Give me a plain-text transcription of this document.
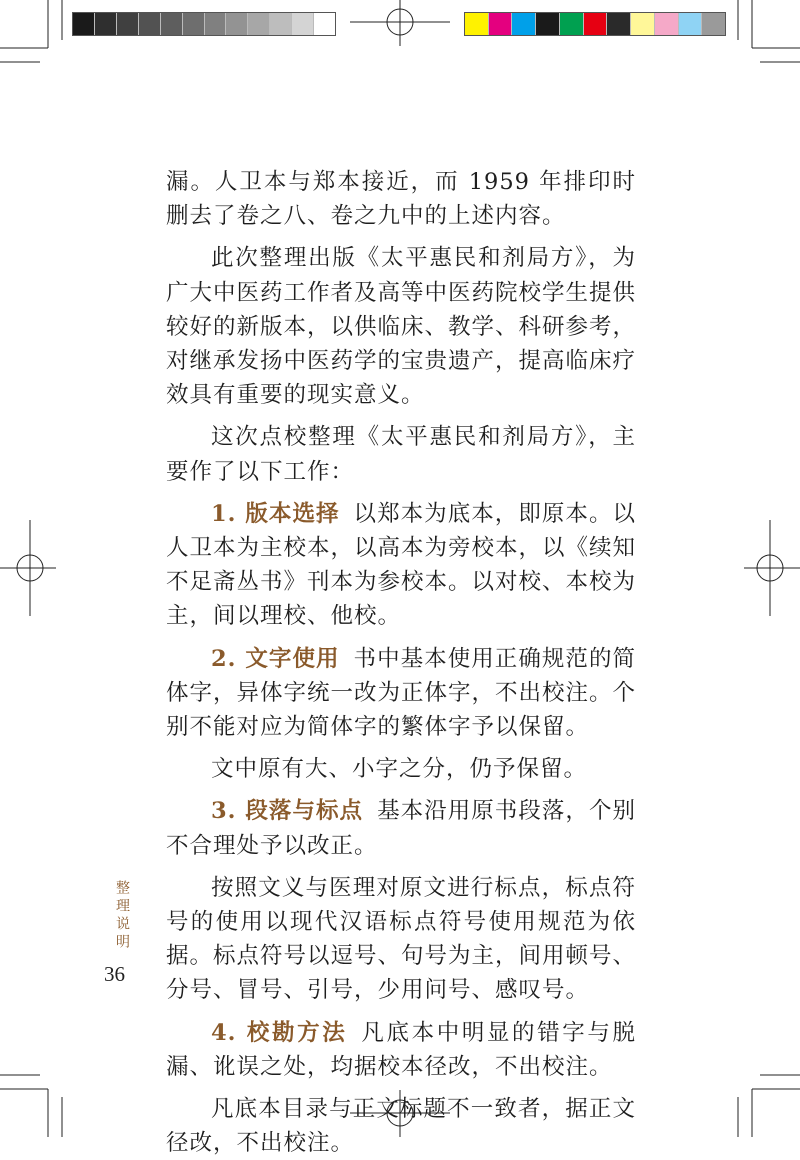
漏。人卫本与郑本接近，而 1959 年排印时删去了卷之八、卷之九中的上述内容。

此次整理出版《太平惠民和剂局方》，为广大中医药工作者及高等中医药院校学生提供较好的新版本，以供临床、教学、科研参考，对继承发扬中医药学的宝贵遗产，提高临床疗效具有重要的现实意义。

这次点校整理《太平惠民和剂局方》，主要作了以下工作：

1. 版本选择 以郑本为底本，即原本。以人卫本为主校本，以高本为旁校本，以《续知不足斋丛书》刊本为参校本。以对校、本校为主，间以理校、他校。

2. 文字使用 书中基本使用正确规范的简体字，异体字统一改为正体字，不出校注。个别不能对应为简体字的繁体字予以保留。

文中原有大、小字之分，仍予保留。

3. 段落与标点 基本沿用原书段落，个别不合理处予以改正。

按照文义与医理对原文进行标点，标点符号的使用以现代汉语标点符号使用规范为依据。标点符号以逗号、句号为主，间用顿号、分号、冒号、引号，少用问号、感叹号。

4. 校勘方法 凡底本中明显的错字与脱漏、讹误之处，均据校本径改，不出校注。

凡底本目录与正文标题不一致者，据正文径改，不出校注。

整理说明
36
